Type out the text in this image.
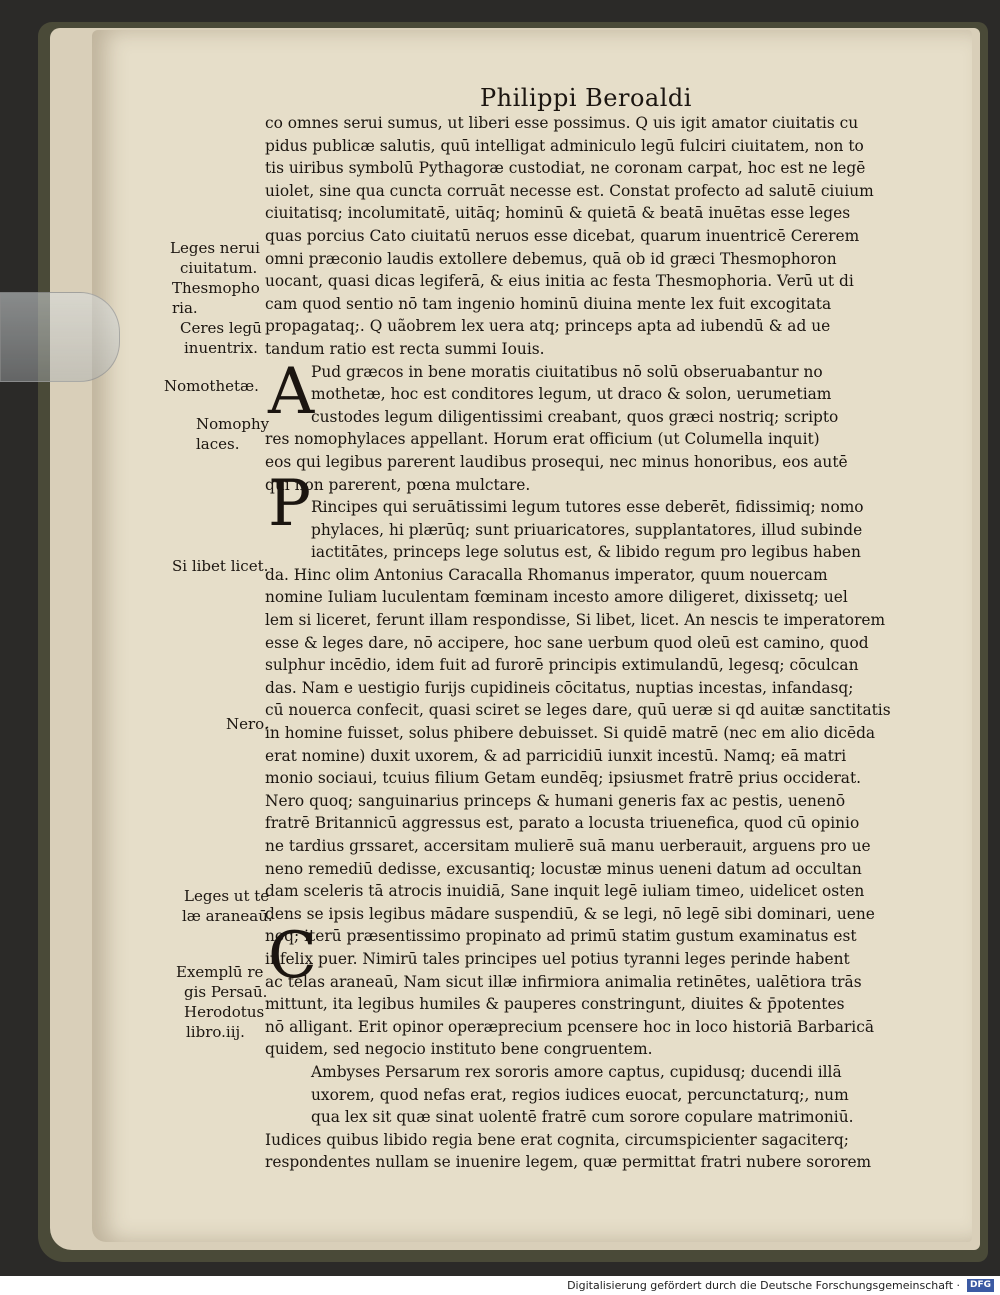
Philippi Beroaldi
co omnes serui sumus, ut liberi esse possimus. Q uis igit amator ciuitatis cu
pidus publicæ salutis, quū intelligat adminiculo legū fulciri ciuitatem, non to
tis uiribus symbolū Pythagoræ custodiat, ne coronam carpat, hoc est ne legē
uiolet, sine qua cuncta corruāt necesse est. Constat profecto ad salutē ciuium
ciuitatisq; incolumitatē, uitāq; hominū & quietā & beatā inuētas esse leges
quas porcius Cato ciuitatū neruos esse dicebat, quarum inuentricē Cererem
omni præconio laudis extollere debemus, quā ob id græci Thesmophoron
uocant, quasi dicas legiferā, & eius initia ac festa Thesmophoria. Verū ut di
cam quod sentio nō tam ingenio hominū diuina mente lex fuit excogitata
propagataq;. Q uãobrem lex uera atq; princeps apta ad iubendū & ad ue
tandum ratio est recta summi Iouis.
Pud græcos in bene moratis ciuitatibus nō solū obseruabantur no
mothetæ, hoc est conditores legum, ut draco & solon, uerumetiam
custodes legum diligentissimi creabant, quos græci nostriq; scripto
res nomophylaces appellant. Horum erat officium (ut Columella inquit)
eos qui legibus parerent laudibus prosequi, nec minus honoribus, eos autē
qui non parerent, pœna mulctare.
Rincipes qui seruātissimi legum tutores esse deberēt, fidissimiq; nomo
phylaces, hi plærūq; sunt priuaricatores, supplantatores, illud subinde
iactitātes, princeps lege solutus est, & libido regum pro legibus haben
da. Hinc olim Antonius Caracalla Rhomanus imperator, quum nouercam
nomine Iuliam luculentam fœminam incesto amore diligeret, dixissetq; uel
lem si liceret, ferunt illam respondisse, Si libet, licet. An nescis te imperatorem
esse & leges dare, nō accipere, hoc sane uerbum quod oleū est camino, quod
sulphur incēdio, idem fuit ad furorē principis extimulandū, legesq; cōculcan
das. Nam e uestigio furijs cupidineis cōcitatus, nuptias incestas, infandasq;
cū nouerca confecit, quasi sciret se leges dare, quū ueræ si qd auitæ sanctitatis
in homine fuisset, solus phibere debuisset. Si quidē matrē (nec em alio dicēda
erat nomine) duxit uxorem, & ad parricidiū iunxit incestū. Namq; eā matri
monio sociaui, tcuius filium Getam eundēq; ipsiusmet fratrē prius occiderat.
Nero quoq; sanguinarius princeps & humani generis fax ac pestis, uenenō
fratrē Britannicū aggressus est, parato a locusta triuenefica, quod cū opinio
ne tardius grssaret, accersitam mulierē suā manu uerberauit, arguens pro ue
neno remediū dedisse, excusantiq; locustæ minus ueneni datum ad occultan
dam sceleris tā atrocis inuidiā, Sane inquit legē iuliam timeo, uidelicet osten
dens se ipsis legibus mādare suspendiū, & se legi, nō legē sibi dominari, uene
noq; iterū præsentissimo propinato ad primū statim gustum examinatus est
infelix puer. Nimirū tales principes uel potius tyranni leges perinde habent
ac telas araneaū, Nam sicut illæ infirmiora animalia retinētes, ualētiora trās
mittunt, ita legibus humiles & pauperes constringunt, diuites & p̄potentes
nō alligant. Erit opinor operæprecium pcensere hoc in loco historiā Barbaricā
quidem, sed negocio instituto bene congruentem.
Ambyses Persarum rex sororis amore captus, cupidusq; ducendi illā
uxorem, quod nefas erat, regios iudices euocat, percunctaturq;, num
qua lex sit quæ sinat uolentē fratrē cum sorore copulare matrimoniū.
Iudices quibus libido regia bene erat cognita, circumspicienter sagaciterq;
respondentes nullam se inuenire legem, quæ permittat fratri nubere sororem
A
P
C
Leges nerui
ciuitatum.
Thesmopho
ria.
Ceres legū
inuentrix.
Nomothetæ.
Nomophy
laces.
Si libet licet.
Nero.
Leges ut te
læ araneaū.
Exemplū re
gis Persaū.
Herodotus
libro.iij.
Digitalisierung gefördert durch die Deutsche Forschungsgemeinschaft ·	DFG
